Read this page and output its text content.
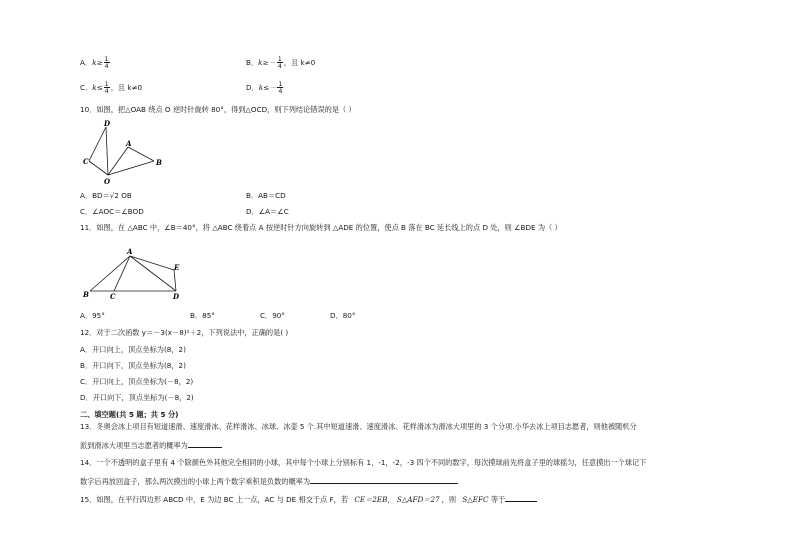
A．$k\ge \frac{1}{4}$	B．$k\ge- \frac{1}{4}$ ，且 k≠0
C．$k\le \frac{1}{4}$ ，且 k≠0	D．$k\le- \frac{1}{4}$
10．如图，把△OAB 绕点 O 逆时针旋转 80°，得到△OCD，则下列结论错误的是（ ）
D
C
A
B
O
A．BD＝√2 OB	B．AB＝CD
C．∠AOC＝∠BOD	D．∠A＝∠C
11．如图，在 △ABC 中，∠B＝40°，将 △ABC 绕着点 A 按逆时针方向旋转到 △ADE 的位置，使点 B 落在 BC 延长线上的点 D 处，则 ∠BDE 为（ ）
A
E
B	C	D
A．95°	B．85°	C．90°	D．80°
12．对于二次函数 y＝－3(x－8)²＋2，下列说法中，正确的是( )
A．开口向上，顶点坐标为(8，2)
B．开口向下，顶点坐标为(8，2)
C．开口向上，顶点坐标为(－8，2)
D．开口向下，顶点坐标为(－8，2)
二、填空题(共 5 题；共 5 分)
13．冬奥会冰上项目有短道速滑、速度滑冰、花样滑冰、冰球、冰壶 5 个.其中短道速滑、速度滑冰、花样滑冰为滑冰大项里的 3 个分项.小华去冰上项目志愿者，则他被随机分
派到滑冰大项里当志愿者的概率为
14．一个不透明的盒子里有 4 个除颜色外其他完全相同的小球，其中每个小球上分别标有 1，-1，-2，-3 四个不同的数字，每次摸球前先将盒子里的球摇匀，任意摸出一个球记下
数字后再放回盒子，那么两次摸出的小球上两个数字乘积是负数的概率为
15．如图，在平行四边形 ABCD 中，E 为边 BC 上一点，AC 与 DE 相交于点 F，若 CE＝2EB， S△AFD＝27 ，则 S△EFC 等于
